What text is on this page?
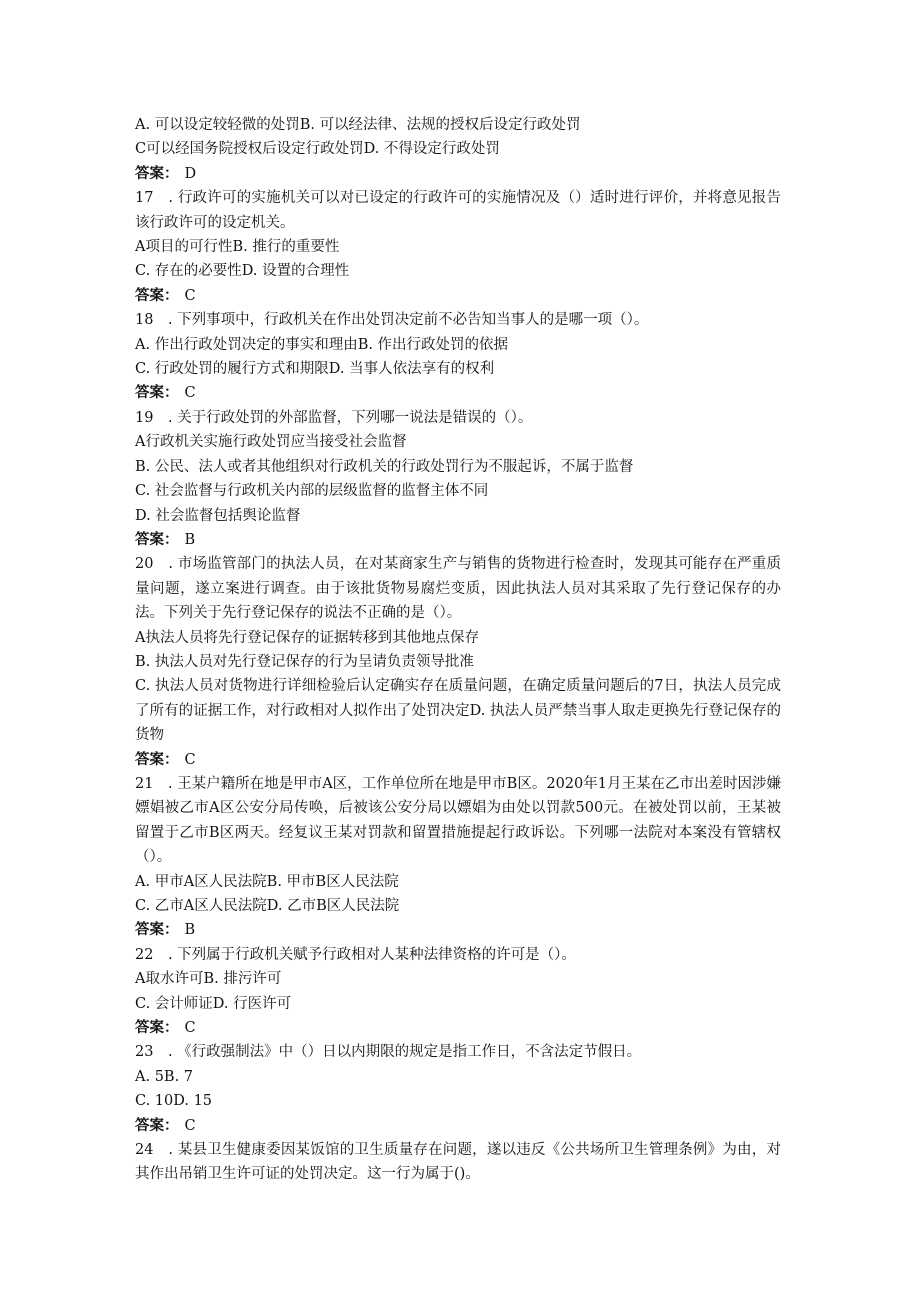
A. 可以设定较轻微的处罚B. 可以经法律、法规的授权后设定行政处罚

C可以经国务院授权后设定行政处罚D. 不得设定行政处罚

答案： D

17　. 行政许可的实施机关可以对已设定的行政许可的实施情况及（）适时进行评价，并将意见报告该行政许可的设定机关。

A项目的可行性B. 推行的重要性

C. 存在的必要性D. 设置的合理性

答案： C

18　. 下列事项中，行政机关在作出处罚决定前不必告知当事人的是哪一项（）。

A. 作出行政处罚决定的事实和理由B. 作出行政处罚的依据

C. 行政处罚的履行方式和期限D. 当事人依法享有的权利

答案： C

19　. 关于行政处罚的外部监督，下列哪一说法是错误的（）。

A行政机关实施行政处罚应当接受社会监督

B. 公民、法人或者其他组织对行政机关的行政处罚行为不服起诉，不属于监督

C. 社会监督与行政机关内部的层级监督的监督主体不同

D. 社会监督包括舆论监督

答案： B

20　. 市场监管部门的执法人员，在对某商家生产与销售的货物进行检查时，发现其可能存在严重质量问题，遂立案进行调查。由于该批货物易腐烂变质，因此执法人员对其采取了先行登记保存的办法。下列关于先行登记保存的说法不正确的是（）。

A执法人员将先行登记保存的证据转移到其他地点保存

B. 执法人员对先行登记保存的行为呈请负责领导批准

C. 执法人员对货物进行详细检验后认定确实存在质量问题，在确定质量问题后的7日，执法人员完成了所有的证据工作，对行政相对人拟作出了处罚决定D. 执法人员严禁当事人取走更换先行登记保存的货物

答案： C

21　. 王某户籍所在地是甲市A区，工作单位所在地是甲市B区。2020年1月王某在乙市出差时因涉嫌嫖娼被乙市A区公安分局传唤，后被该公安分局以嫖娼为由处以罚款500元。在被处罚以前，王某被留置于乙市B区两天。经复议王某对罚款和留置措施提起行政诉讼。下列哪一法院对本案没有管辖权（）。

A. 甲市A区人民法院B. 甲市B区人民法院

C. 乙市A区人民法院D. 乙市B区人民法院

答案： B

22　. 下列属于行政机关赋予行政相对人某种法律资格的许可是（）。

A取水许可B. 排污许可

C. 会计师证D. 行医许可

答案： C

23　. 《行政强制法》中（）日以内期限的规定是指工作日，不含法定节假日。

A. 5B. 7

C. 10D. 15

答案： C

24　. 某县卫生健康委因某饭馆的卫生质量存在问题，遂以违反《公共场所卫生管理条例》为由，对其作出吊销卫生许可证的处罚决定。这一行为属于()。
